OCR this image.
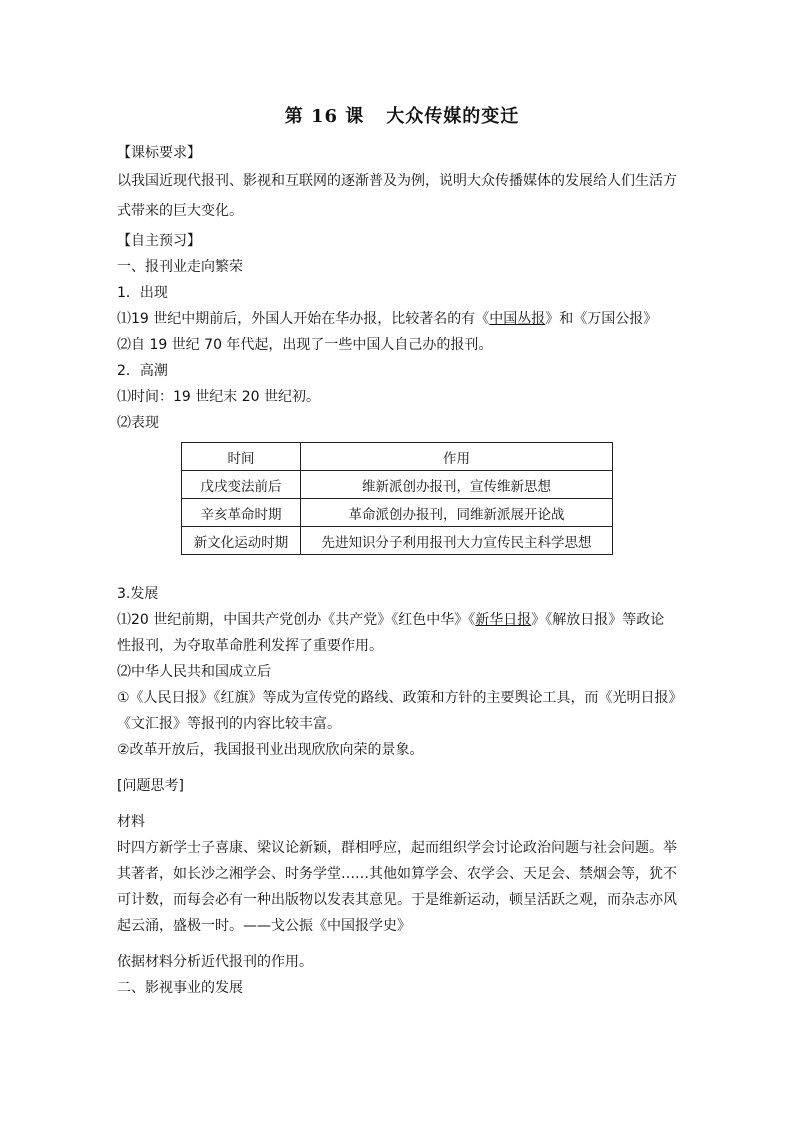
第 16 课 大众传媒的变迁
【课标要求】

以我国近现代报刊、影视和互联网的逐渐普及为例，说明大众传播媒体的发展给人们生活方式带来的巨大变化。

【自主预习】
一、报刊业走向繁荣
1．出现
⑴19 世纪中期前后，外国人开始在华办报，比较著名的有《中国丛报》和《万国公报》
⑵自 19 世纪 70 年代起，出现了一些中国人自己办的报刊。
2．高潮
⑴时间：19 世纪末 20 世纪初。
⑵表现
时间	作用
戊戌变法前后	维新派创办报刊，宣传维新思想
辛亥革命时期	革命派创办报刊，同维新派展开论战
新文化运动时期	先进知识分子利用报刊大力宣传民主科学思想
3.发展
⑴20 世纪前期，中国共产党创办《共产党》《红色中华》《新华日报》《解放日报》等政论
性报刊，为夺取革命胜利发挥了重要作用。
⑵中华人民共和国成立后
①《人民日报》《红旗》等成为宣传党的路线、政策和方针的主要舆论工具，而《光明日报》
《文汇报》等报刊的内容比较丰富。
②改革开放后，我国报刊业出现欣欣向荣的景象。
[问题思考]
材料
时四方新学士子喜康、梁议论新颖，群相呼应，起而组织学会讨论政治问题与社会问题。举
其著者，如长沙之湘学会、时务学堂……其他如算学会、农学会、天足会、禁烟会等，犹不
可计数，而每会必有一种出版物以发表其意见。于是维新运动，顿呈活跃之观，而杂志亦风
起云涌，盛极一时。——戈公振《中国报学史》
依据材料分析近代报刊的作用。
二、影视事业的发展
